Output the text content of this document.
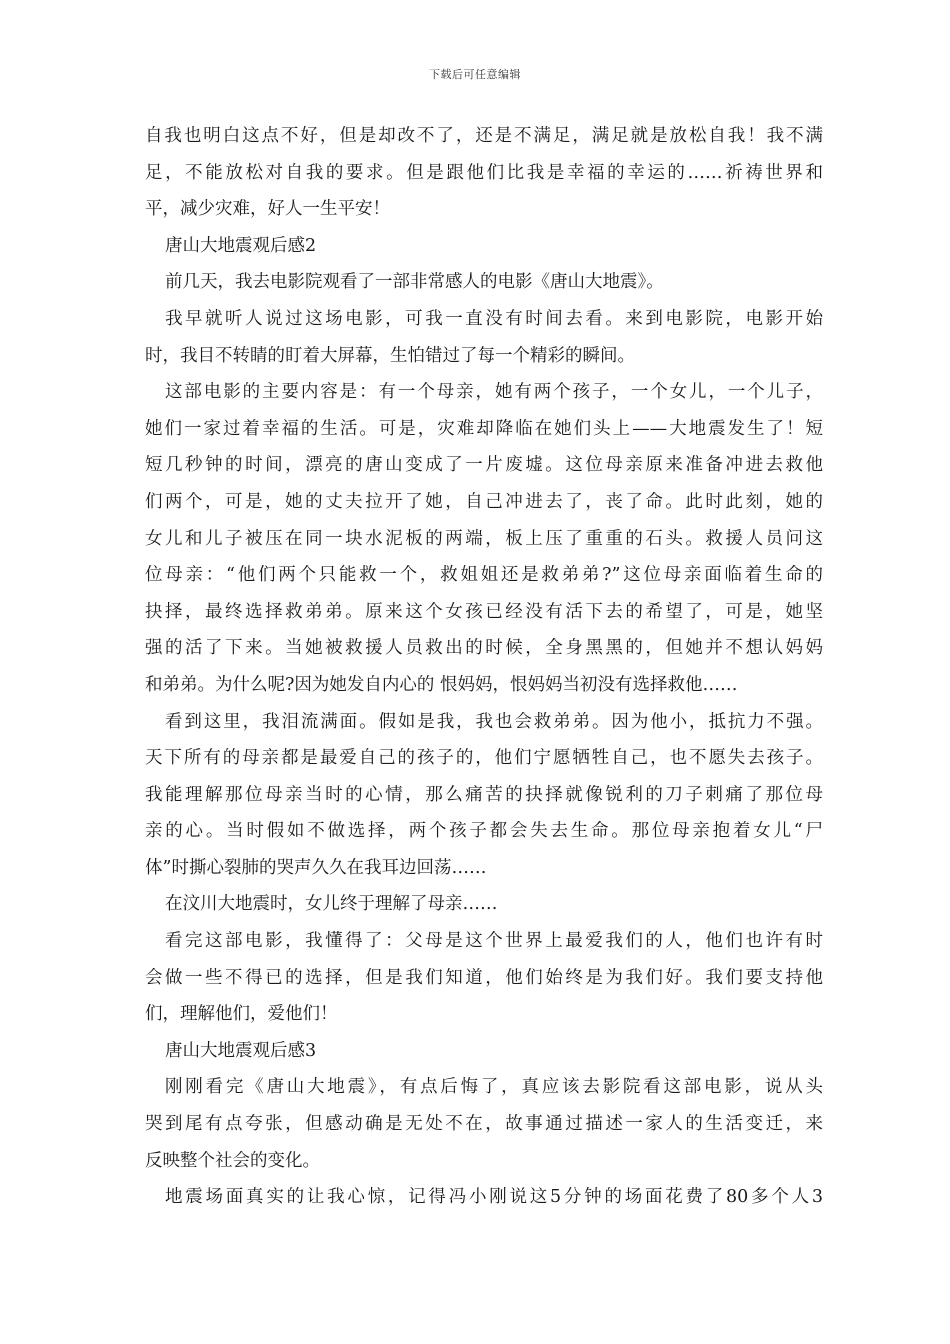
下载后可任意编辑
自我也明白这点不好，但是却改不了，还是不满足，满足就是放松自我！我不满
足，不能放松对自我的要求。但是跟他们比我是幸福的幸运的……祈祷世界和
平，减少灾难，好人一生平安！
唐山大地震观后感2
前几天，我去电影院观看了一部非常感人的电影《唐山大地震》。
我早就听人说过这场电影，可我一直没有时间去看。来到电影院，电影开始
时，我目不转睛的盯着大屏幕，生怕错过了每一个精彩的瞬间。
这部电影的主要内容是：有一个母亲，她有两个孩子，一个女儿，一个儿子，
她们一家过着幸福的生活。可是，灾难却降临在她们头上——大地震发生了！短
短几秒钟的时间，漂亮的唐山变成了一片废墟。这位母亲原来准备冲进去救他
们两个，可是，她的丈夫拉开了她，自己冲进去了，丧了命。此时此刻，她的
女儿和儿子被压在同一块水泥板的两端，板上压了重重的石头。救援人员问这
位母亲：“他们两个只能救一个，救姐姐还是救弟弟?”这位母亲面临着生命的
抉择，最终选择救弟弟。原来这个女孩已经没有活下去的希望了，可是，她坚
强的活了下来。当她被救援人员救出的时候，全身黑黑的，但她并不想认妈妈
和弟弟。为什么呢?因为她发自内心的 恨妈妈，恨妈妈当初没有选择救他……
看到这里，我泪流满面。假如是我，我也会救弟弟。因为他小，抵抗力不强。
天下所有的母亲都是最爱自己的孩子的，他们宁愿牺牲自己，也不愿失去孩子。
我能理解那位母亲当时的心情，那么痛苦的抉择就像锐利的刀子刺痛了那位母
亲的心。当时假如不做选择，两个孩子都会失去生命。那位母亲抱着女儿“尸
体”时撕心裂肺的哭声久久在我耳边回荡……
在汶川大地震时，女儿终于理解了母亲……
看完这部电影，我懂得了：父母是这个世界上最爱我们的人，他们也许有时
会做一些不得已的选择，但是我们知道，他们始终是为我们好。我们要支持他
们，理解他们，爱他们！
唐山大地震观后感3
刚刚看完《唐山大地震》，有点后悔了，真应该去影院看这部电影，说从头
哭到尾有点夸张，但感动确是无处不在，故事通过描述一家人的生活变迁，来
反映整个社会的变化。
地震场面真实的让我心惊，记得冯小刚说这5分钟的场面花费了80多个人3
